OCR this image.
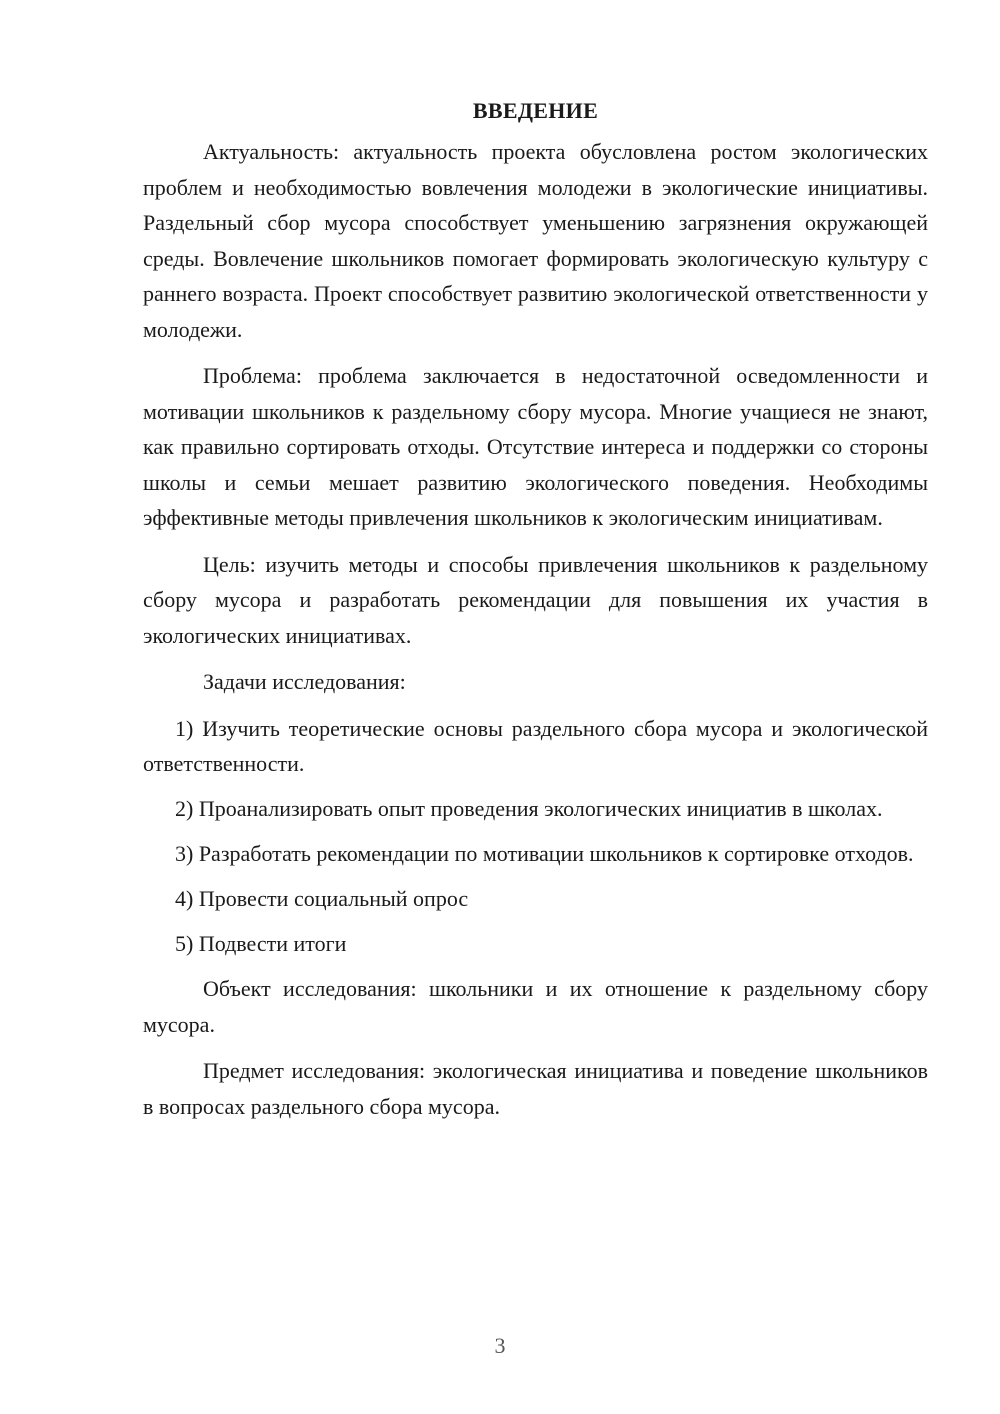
ВВЕДЕНИЕ

Актуальность: актуальность проекта обусловлена ростом экологических проблем и необходимостью вовлечения молодежи в экологические инициативы. Раздельный сбор мусора способствует уменьшению загрязнения окружающей среды. Вовлечение школьников помогает формировать экологическую культуру с раннего возраста. Проект способствует развитию экологической ответственности у молодежи.

Проблема: проблема заключается в недостаточной осведомленности и мотивации школьников к раздельному сбору мусора. Многие учащиеся не знают, как правильно сортировать отходы. Отсутствие интереса и поддержки со стороны школы и семьи мешает развитию экологического поведения. Необходимы эффективные методы привлечения школьников к экологическим инициативам.

Цель: изучить методы и способы привлечения школьников к раздельному сбору мусора и разработать рекомендации для повышения их участия в экологических инициативах.

Задачи исследования:

1) Изучить теоретические основы раздельного сбора мусора и экологической ответственности.

2) Проанализировать опыт проведения экологических инициатив в школах.

3) Разработать рекомендации по мотивации школьников к сортировке отходов.

4) Провести социальный опрос

5) Подвести итоги

Объект исследования: школьники и их отношение к раздельному сбору мусора.

Предмет исследования: экологическая инициатива и поведение школьников в вопросах раздельного сбора мусора.

3
